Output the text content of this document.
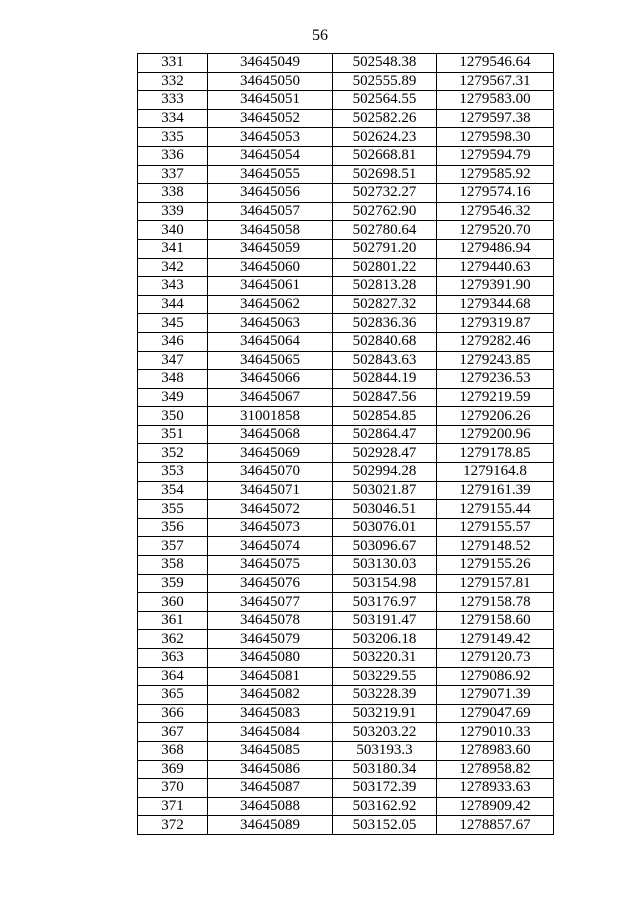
56
331	34645049	502548.38	1279546.64
332	34645050	502555.89	1279567.31
333	34645051	502564.55	1279583.00
334	34645052	502582.26	1279597.38
335	34645053	502624.23	1279598.30
336	34645054	502668.81	1279594.79
337	34645055	502698.51	1279585.92
338	34645056	502732.27	1279574.16
339	34645057	502762.90	1279546.32
340	34645058	502780.64	1279520.70
341	34645059	502791.20	1279486.94
342	34645060	502801.22	1279440.63
343	34645061	502813.28	1279391.90
344	34645062	502827.32	1279344.68
345	34645063	502836.36	1279319.87
346	34645064	502840.68	1279282.46
347	34645065	502843.63	1279243.85
348	34645066	502844.19	1279236.53
349	34645067	502847.56	1279219.59
350	31001858	502854.85	1279206.26
351	34645068	502864.47	1279200.96
352	34645069	502928.47	1279178.85
353	34645070	502994.28	1279164.8
354	34645071	503021.87	1279161.39
355	34645072	503046.51	1279155.44
356	34645073	503076.01	1279155.57
357	34645074	503096.67	1279148.52
358	34645075	503130.03	1279155.26
359	34645076	503154.98	1279157.81
360	34645077	503176.97	1279158.78
361	34645078	503191.47	1279158.60
362	34645079	503206.18	1279149.42
363	34645080	503220.31	1279120.73
364	34645081	503229.55	1279086.92
365	34645082	503228.39	1279071.39
366	34645083	503219.91	1279047.69
367	34645084	503203.22	1279010.33
368	34645085	503193.3	1278983.60
369	34645086	503180.34	1278958.82
370	34645087	503172.39	1278933.63
371	34645088	503162.92	1278909.42
372	34645089	503152.05	1278857.67
